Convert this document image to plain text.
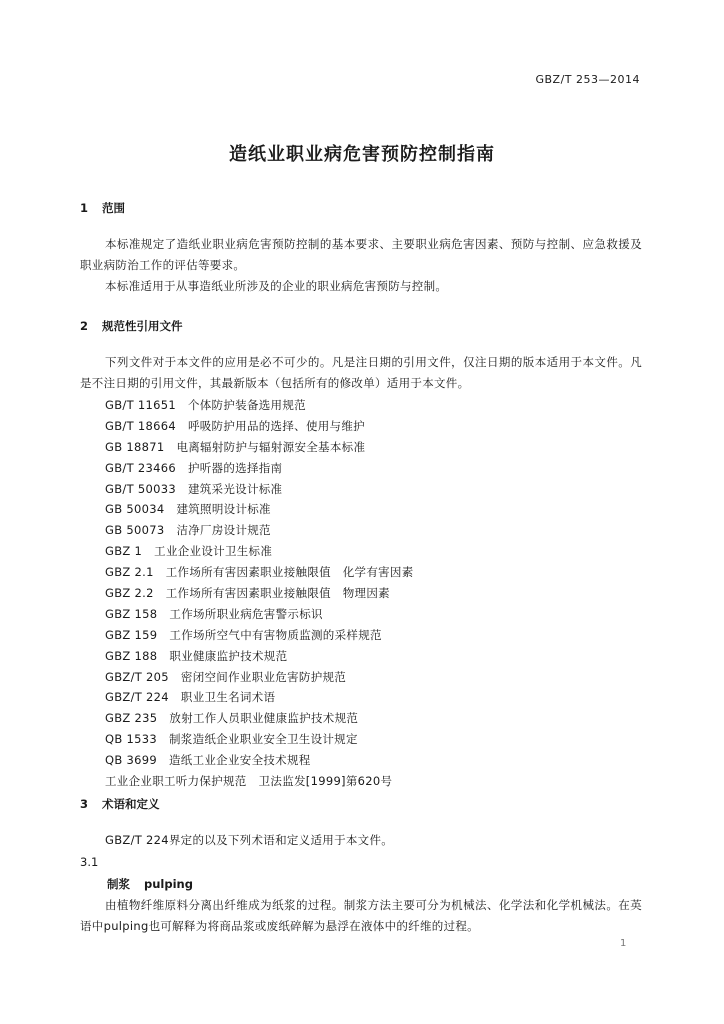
GBZ/T 253—2014
造纸业职业病危害预防控制指南
1 范围
本标准规定了造纸业职业病危害预防控制的基本要求、主要职业病危害因素、预防与控制、应急救援及职业病防治工作的评估等要求。
本标准适用于从事造纸业所涉及的企业的职业病危害预防与控制。
2 规范性引用文件
下列文件对于本文件的应用是必不可少的。凡是注日期的引用文件，仅注日期的版本适用于本文件。凡是不注日期的引用文件，其最新版本（包括所有的修改单）适用于本文件。
GB/T 11651 个体防护装备选用规范
GB/T 18664 呼吸防护用品的选择、使用与维护
GB 18871 电离辐射防护与辐射源安全基本标准
GB/T 23466 护听器的选择指南
GB/T 50033 建筑采光设计标准
GB 50034 建筑照明设计标准
GB 50073 洁净厂房设计规范
GBZ 1 工业企业设计卫生标准
GBZ 2.1 工作场所有害因素职业接触限值　化学有害因素
GBZ 2.2 工作场所有害因素职业接触限值　物理因素
GBZ 158 工作场所职业病危害警示标识
GBZ 159 工作场所空气中有害物质监测的采样规范
GBZ 188 职业健康监护技术规范
GBZ/T 205 密闭空间作业职业危害防护规范
GBZ/T 224 职业卫生名词术语
GBZ 235 放射工作人员职业健康监护技术规范
QB 1533 制浆造纸企业职业安全卫生设计规定
QB 3699 造纸工业企业安全技术规程
工业企业职工听力保护规范 卫法监发[1999]第620号
3 术语和定义
GBZ/T 224界定的以及下列术语和定义适用于本文件。
3.1
制浆 pulping
由植物纤维原料分离出纤维成为纸浆的过程。制浆方法主要可分为机械法、化学法和化学机械法。在英语中pulping也可解释为将商品浆或废纸碎解为悬浮在液体中的纤维的过程。
1
